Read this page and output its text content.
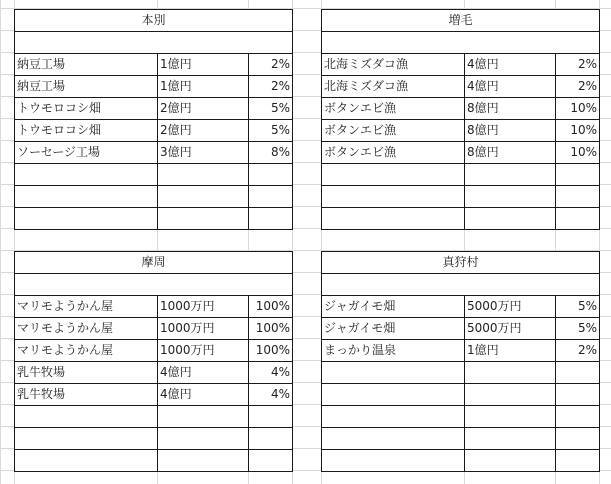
本別		

納豆工場	1億円	2%
納豆工場	1億円	2%
トウモロコシ畑	2億円	5%
トウモロコシ畑	2億円	5%
ソーセージ工場	3億円	8%

増毛		

北海ミズダコ漁	4億円	2%
北海ミズダコ漁	4億円	2%
ボタンエビ漁	8億円	10%
ボタンエビ漁	8億円	10%
ボタンエビ漁	8億円	10%

摩周		

マリモようかん屋	1000万円	100%
マリモようかん屋	1000万円	100%
マリモようかん屋	1000万円	100%
乳牛牧場	4億円	4%
乳牛牧場	4億円	4%

真狩村		

ジャガイモ畑	5000万円	5%
ジャガイモ畑	5000万円	5%
まっかり温泉	1億円	2%
